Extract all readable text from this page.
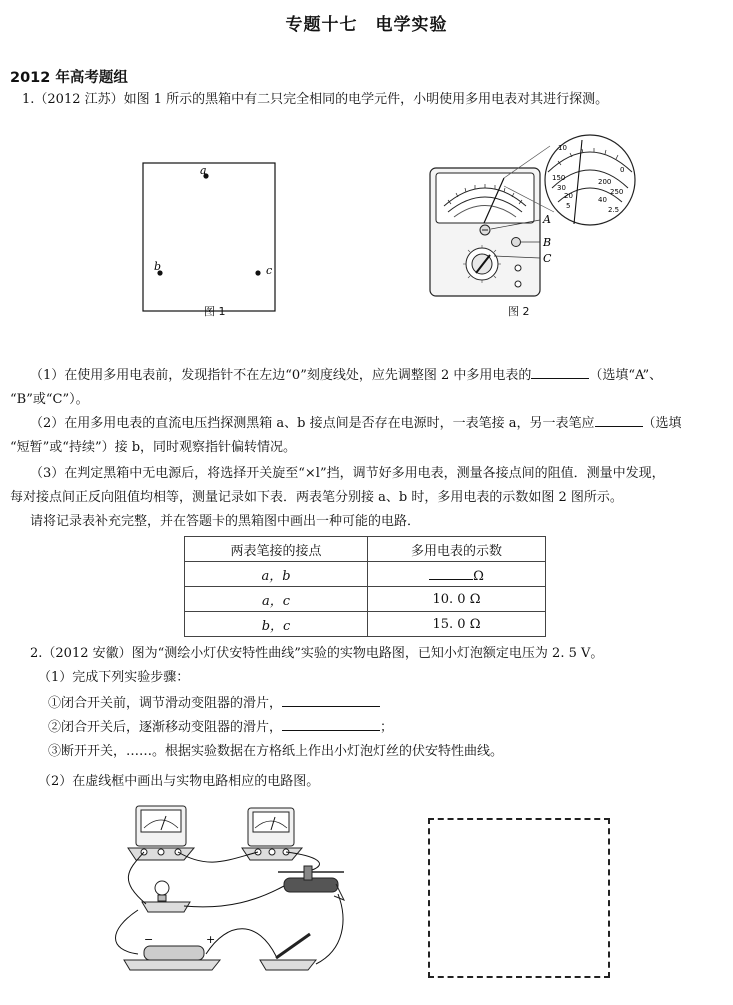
专题十七　电学实验
2012 年高考题组
1.（2012 江苏）如图 1 所示的黑箱中有二只完全相同的电学元件，小明使用多用电表对其进行探测。
a
b	c
图 1
10
0
150	200
30	250
20	40
5	2.5
A
B
C
图 2
（1）在使用多用电表前，发现指针不在左边“0”刻度线处，应先调整图 2 中多用电表的	（选填“A”、
“B”或“C”）。
（2）在用多用电表的直流电压挡探测黑箱 a、b 接点间是否存在电源时，一表笔接 a，另一表笔应	（选填
“短暂”或“持续”）接 b，同时观察指针偏转情况。
（3）在判定黑箱中无电源后，将选择开关旋至“×l”挡，调节好多用电表，测量各接点间的阻值．测量中发现，
每对接点间正反向阻值均相等，测量记录如下表．两表笔分别接 a、b 时，多用电表的示数如图 2 图所示。
请将记录表补充完整，并在答题卡的黑箱图中画出一种可能的电路．
两表笔接的接点	多用电表的示数
a，b	Ω
a，c	10. 0 Ω
b，c	15. 0 Ω
2.（2012 安徽）图为“测绘小灯伏安特性曲线”实验的实物电路图，已知小灯泡额定电压为 2. 5 V。
（1）完成下列实验步骤：
①闭合开关前，调节滑动变阻器的滑片，
②闭合开关后，逐渐移动变阻器的滑片，	；
③断开开关，……。根据实验数据在方格纸上作出小灯泡灯丝的伏安特性曲线。
（2）在虚线框中画出与实物电路相应的电路图。
−	+
